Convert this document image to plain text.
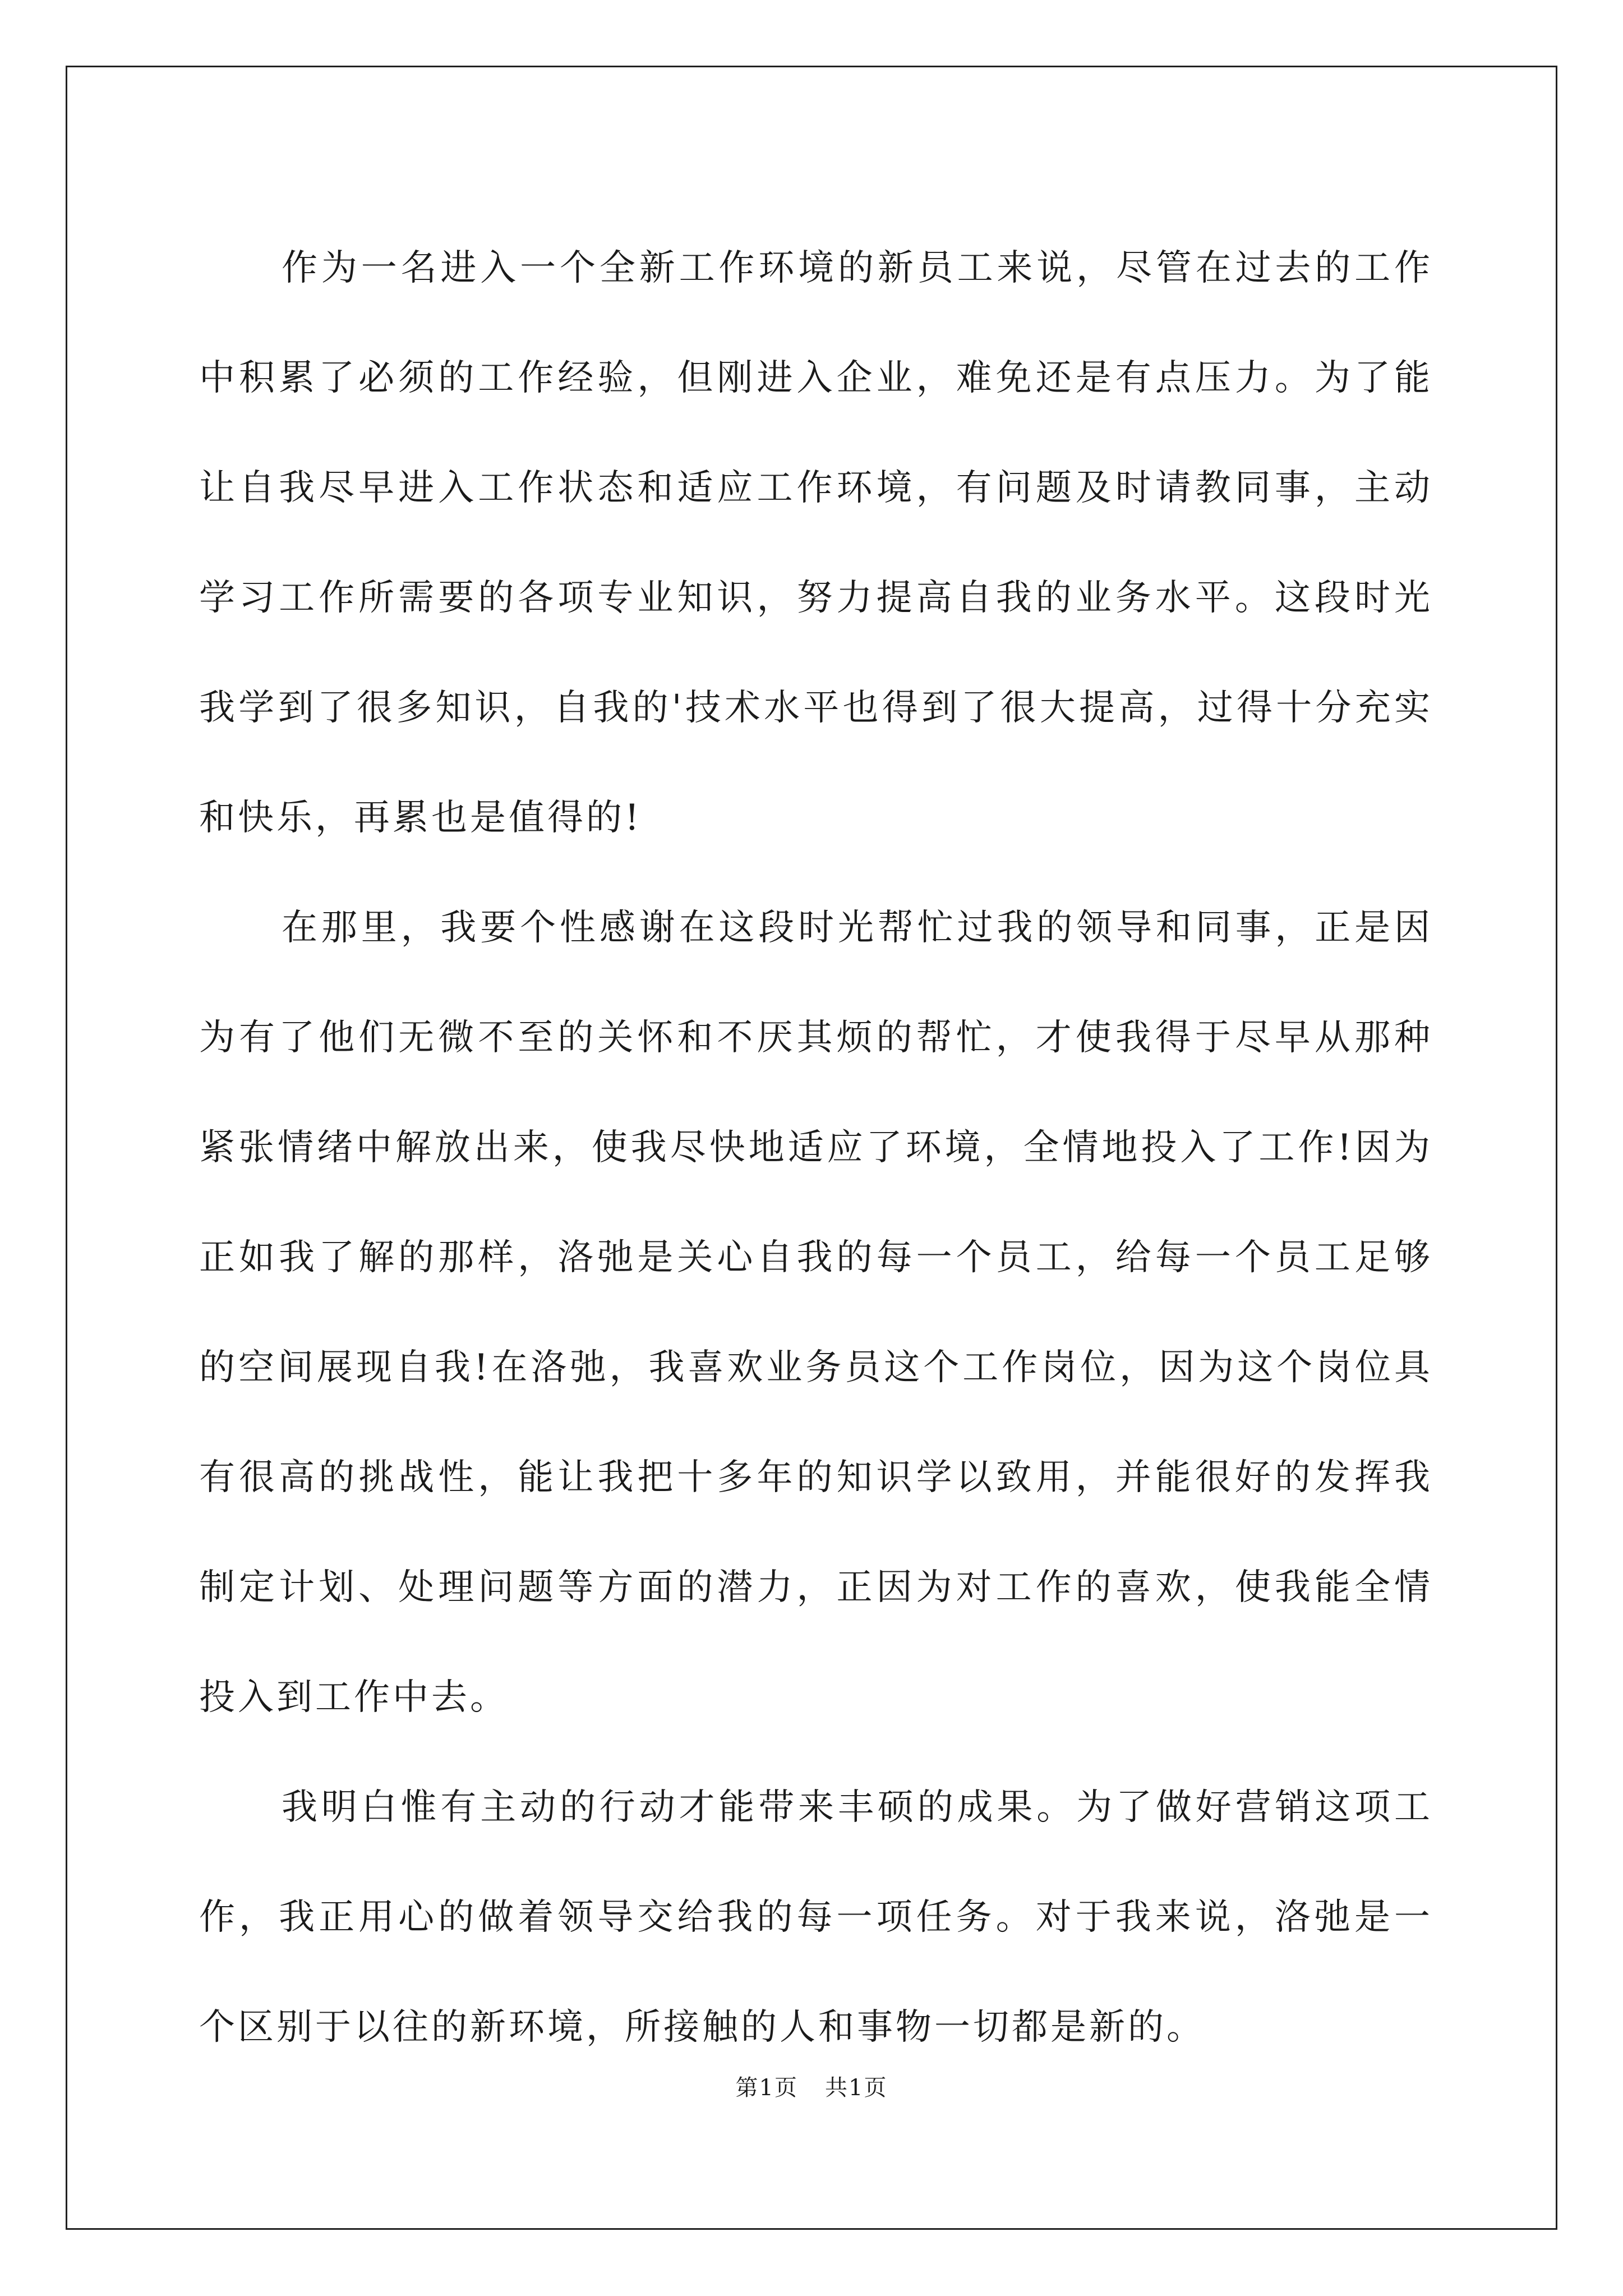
作为一名进入一个全新工作环境的新员工来说，尽管在过去的工作中积累了必须的工作经验，但刚进入企业，难免还是有点压力。为了能让自我尽早进入工作状态和适应工作环境，有问题及时请教同事，主动学习工作所需要的各项专业知识，努力提高自我的业务水平。这段时光我学到了很多知识，自我的'技术水平也得到了很大提高，过得十分充实和快乐，再累也是值得的!

在那里，我要个性感谢在这段时光帮忙过我的领导和同事，正是因为有了他们无微不至的关怀和不厌其烦的帮忙，才使我得于尽早从那种紧张情绪中解放出来，使我尽快地适应了环境，全情地投入了工作!因为正如我了解的那样，洛弛是关心自我的每一个员工，给每一个员工足够的空间展现自我!在洛弛，我喜欢业务员这个工作岗位，因为这个岗位具有很高的挑战性，能让我把十多年的知识学以致用，并能很好的发挥我制定计划、处理问题等方面的潜力，正因为对工作的喜欢，使我能全情投入到工作中去。

我明白惟有主动的行动才能带来丰硕的成果。为了做好营销这项工作，我正用心的做着领导交给我的每一项任务。对于我来说，洛弛是一个区别于以往的新环境，所接触的人和事物一切都是新的。

第1页 共1页
